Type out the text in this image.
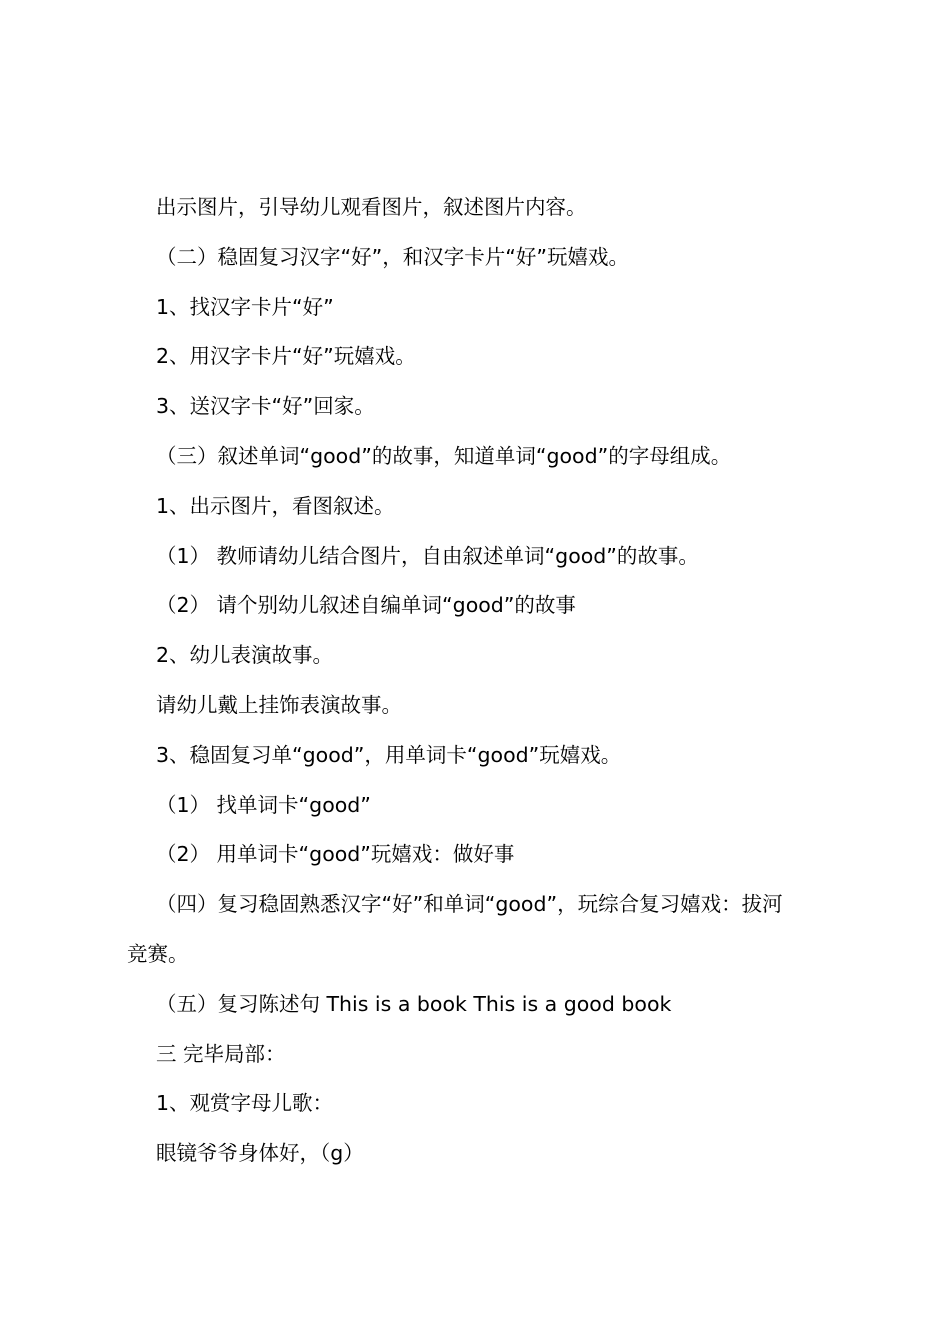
出示图片，引导幼儿观看图片，叙述图片内容。
（二）稳固复习汉字“好”，和汉字卡片“好”玩嬉戏。
1、找汉字卡片“好”
2、用汉字卡片“好”玩嬉戏。
3、送汉字卡“好”回家。
（三）叙述单词“good”的故事，知道单词“good”的字母组成。
1、出示图片，看图叙述。
（1） 教师请幼儿结合图片，自由叙述单词“good”的故事。
（2） 请个别幼儿叙述自编单词“good”的故事
2、幼儿表演故事。
请幼儿戴上挂饰表演故事。
3、稳固复习单“good”，用单词卡“good”玩嬉戏。
（1） 找单词卡“good”
（2） 用单词卡“good”玩嬉戏：做好事
（四）复习稳固熟悉汉字“好”和单词“good”，玩综合复习嬉戏：拔河
竞赛。
（五）复习陈述句 This is a book This is a good book
三 完毕局部：
1、观赏字母儿歌：
眼镜爷爷身体好，（g）
